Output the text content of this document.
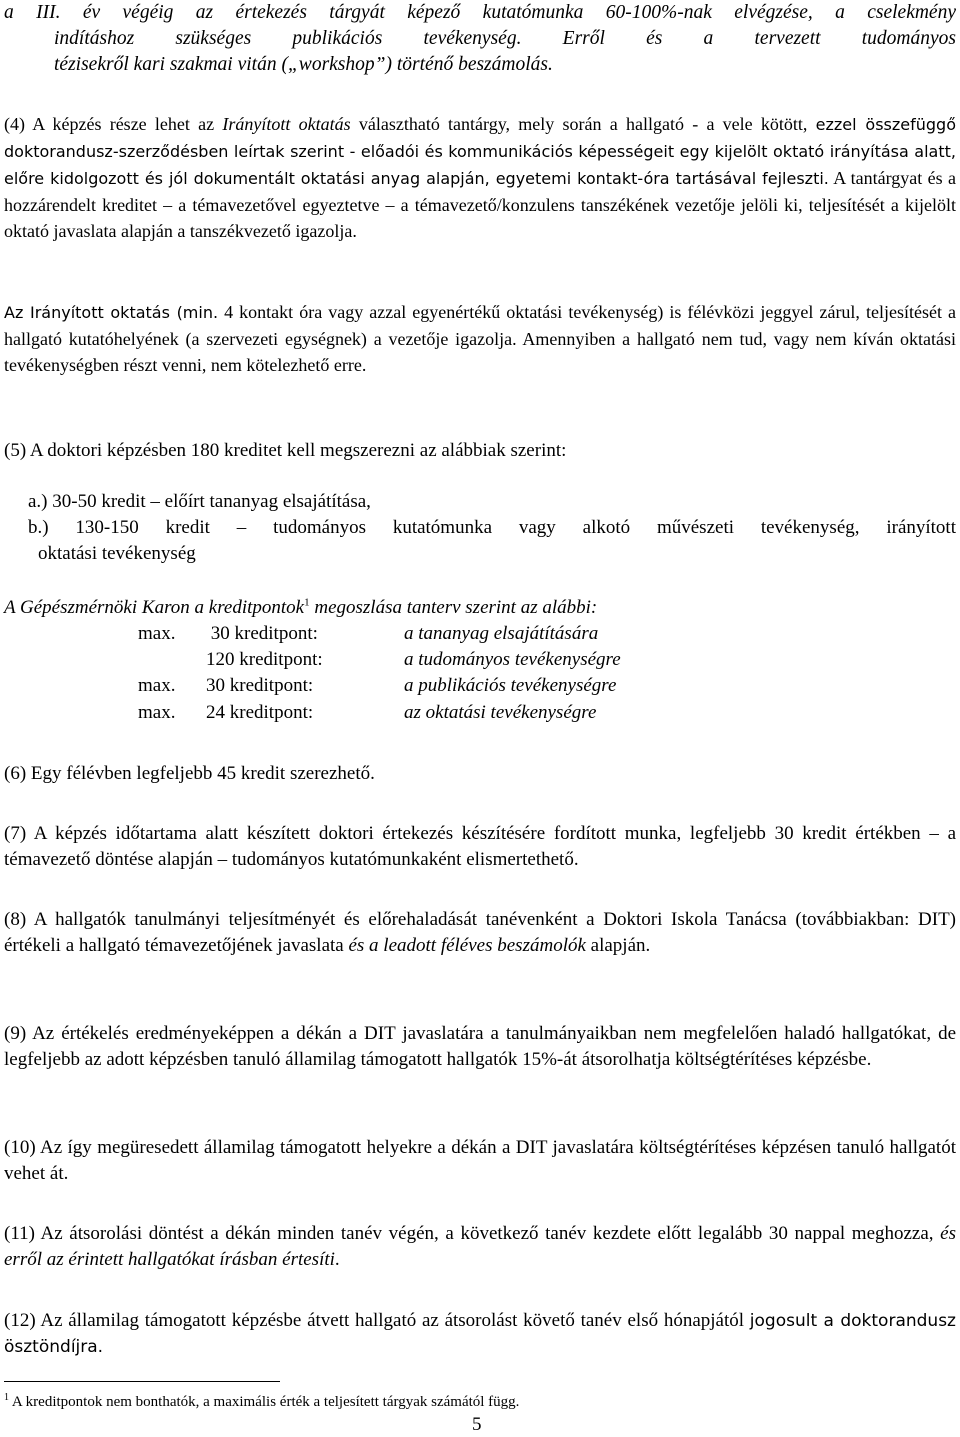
a III. év végéig az értekezés tárgyát képező kutatómunka 60-100%-nak elvégzése, a cselekmény

indításhoz szükséges publikációs tevékenység. Erről és a tervezett tudományos

tézisekről kari szakmai vitán („workshop”) történő beszámolás.

(4) A képzés része lehet az Irányított oktatás választható tantárgy, mely során a hallgató - a vele kötött, ezzel összefüggő doktorandusz-szerződésben leírtak szerint - előadói és kommunikációs képességeit egy kijelölt oktató irányítása alatt, előre kidolgozott és jól dokumentált oktatási anyag alapján, egyetemi kontakt-óra tartásával fejleszti. A tantárgyat és a hozzárendelt kreditet – a témavezetővel egyeztetve – a témavezető/konzulens tanszékének vezetője jelöli ki, teljesítését a kijelölt oktató javaslata alapján a tanszékvezető igazolja.

Az Irányított oktatás (min. 4 kontakt óra vagy azzal egyenértékű oktatási tevékenység) is félévközi jeggyel zárul, teljesítését a hallgató kutatóhelyének (a szervezeti egységnek) a vezetője igazolja. Amennyiben a hallgató nem tud, vagy nem kíván oktatási tevékenységben részt venni, nem kötelezhető erre.

(5) A doktori képzésben 180 kreditet kell megszerezni az alábbiak szerint:

a.) 30-50 kredit – előírt tananyag elsajátítása,

b.) 130-150 kredit – tudományos kutatómunka vagy alkotó művészeti tevékenység, irányított

oktatási tevékenység

A Gépészmérnöki Karon a kreditpontok$^1$ megoszlása tanterv szerint az alábbi:

max. 30 kreditpont:	a tananyag elsajátítására
120 kreditpont:	a tudományos tevékenységre
max. 30 kreditpont:	a publikációs tevékenységre
max. 24 kreditpont:	az oktatási tevékenységre

(6) Egy félévben legfeljebb 45 kredit szerezhető.

(7) A képzés időtartama alatt készített doktori értekezés készítésére fordított munka, legfeljebb 30 kredit értékben – a témavezető döntése alapján – tudományos kutatómunkaként elismertethető.

(8) A hallgatók tanulmányi teljesítményét és előrehaladását tanévenként a Doktori Iskola Tanácsa (továbbiakban: DIT) értékeli a hallgató témavezetőjének javaslata és a leadott féléves beszámolók alapján.

(9) Az értékelés eredményeképpen a dékán a DIT javaslatára a tanulmányaikban nem megfelelően haladó hallgatókat, de legfeljebb az adott képzésben tanuló államilag támogatott hallgatók 15%-át átsorolhatja költségtérítéses képzésbe.

(10) Az így megüresedett államilag támogatott helyekre a dékán a DIT javaslatára költségtérítéses képzésen tanuló hallgatót vehet át.

(11) Az átsorolási döntést a dékán minden tanév végén, a következő tanév kezdete előtt legalább 30 nappal meghozza, és erről az érintett hallgatókat írásban értesíti.

(12) Az államilag támogatott képzésbe átvett hallgató az átsorolást követő tanév első hónapjától jogosult a doktorandusz ösztöndíjra.

$^1$ A kreditpontok nem bonthatók, a maximális érték a teljesített tárgyak számától függ.

5
